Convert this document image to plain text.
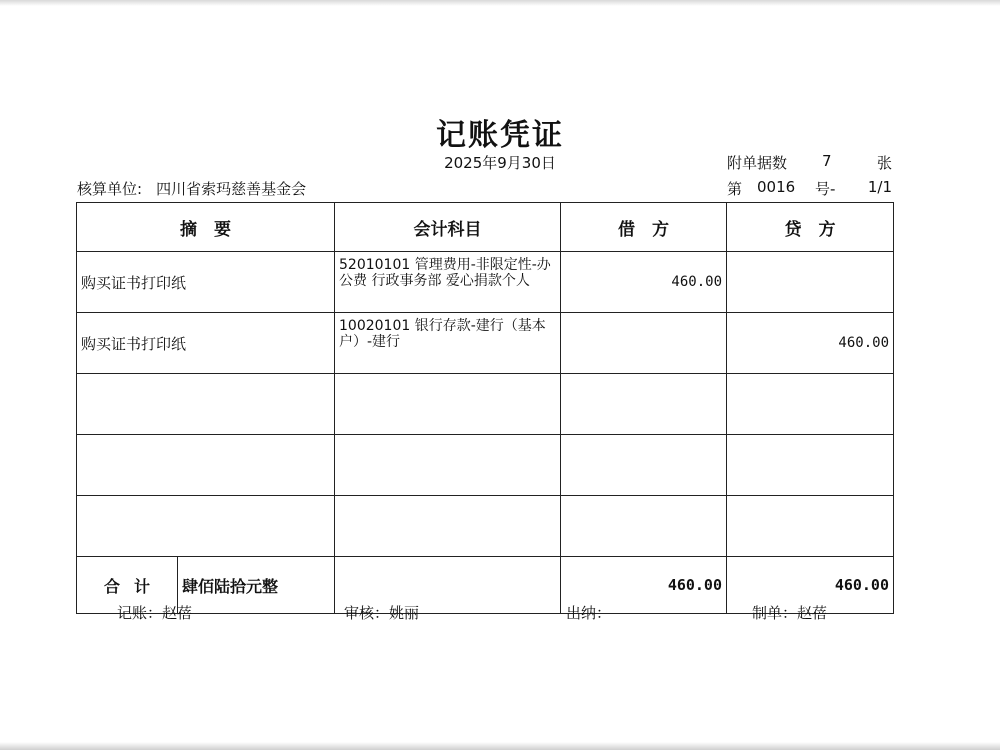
记账凭证
2025年9月30日	附单据数	7	张
核算单位: 四川省索玛慈善基金会	第 0016	号-	1/1
摘　要	会计科目	借　方	贷　方
购买证书打印纸	52010101 管理费用-非限定性-办公费 行政事务部 爱心捐款个人	460.00	
购买证书打印纸	10020101 银行存款-建行（基本户）-建行		460.00

合计 肆佰陆拾元整		460.00	460.00
记账：赵蓓	审核：姚丽	出纳：	制单：赵蓓
